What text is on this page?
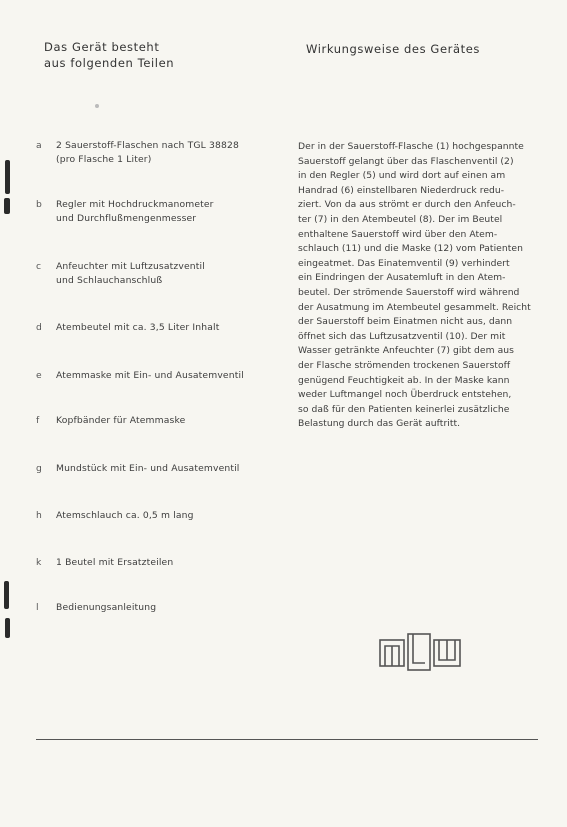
Das Gerät besteht
aus folgenden Teilen
Wirkungsweise des Gerätes
a	2 Sauerstoff-Flaschen nach TGL 38828
(pro Flasche 1 Liter)
b	Regler mit Hochdruckmanometer
und Durchflußmengenmesser
c	Anfeuchter mit Luftzusatzventil
und Schlauchanschluß
d	Atembeutel mit ca. 3,5 Liter Inhalt
e	Atemmaske mit Ein- und Ausatemventil
f	Kopfbänder für Atemmaske
g	Mundstück mit Ein- und Ausatemventil
h	Atemschlauch ca. 0,5 m lang
k	1 Beutel mit Ersatzteilen
l	Bedienungsanleitung
Der in der Sauerstoff-Flasche (1) hochgespannte
Sauerstoff gelangt über das Flaschenventil (2)
in den Regler (5) und wird dort auf einen am
Handrad (6) einstellbaren Niederdruck redu-
ziert. Von da aus strömt er durch den Anfeuch-
ter (7) in den Atembeutel (8). Der im Beutel
enthaltene Sauerstoff wird über den Atem-
schlauch (11) und die Maske (12) vom Patienten
eingeatmet. Das Einatemventil (9) verhindert
ein Eindringen der Ausatemluft in den Atem-
beutel. Der strömende Sauerstoff wird während
der Ausatmung im Atembeutel gesammelt. Reicht
der Sauerstoff beim Einatmen nicht aus, dann
öffnet sich das Luftzusatzventil (10). Der mit
Wasser getränkte Anfeuchter (7) gibt dem aus
der Flasche strömenden trockenen Sauerstoff
genügend Feuchtigkeit ab. In der Maske kann
weder Luftmangel noch Überdruck entstehen,
so daß für den Patienten keinerlei zusätzliche
Belastung durch das Gerät auftritt.
